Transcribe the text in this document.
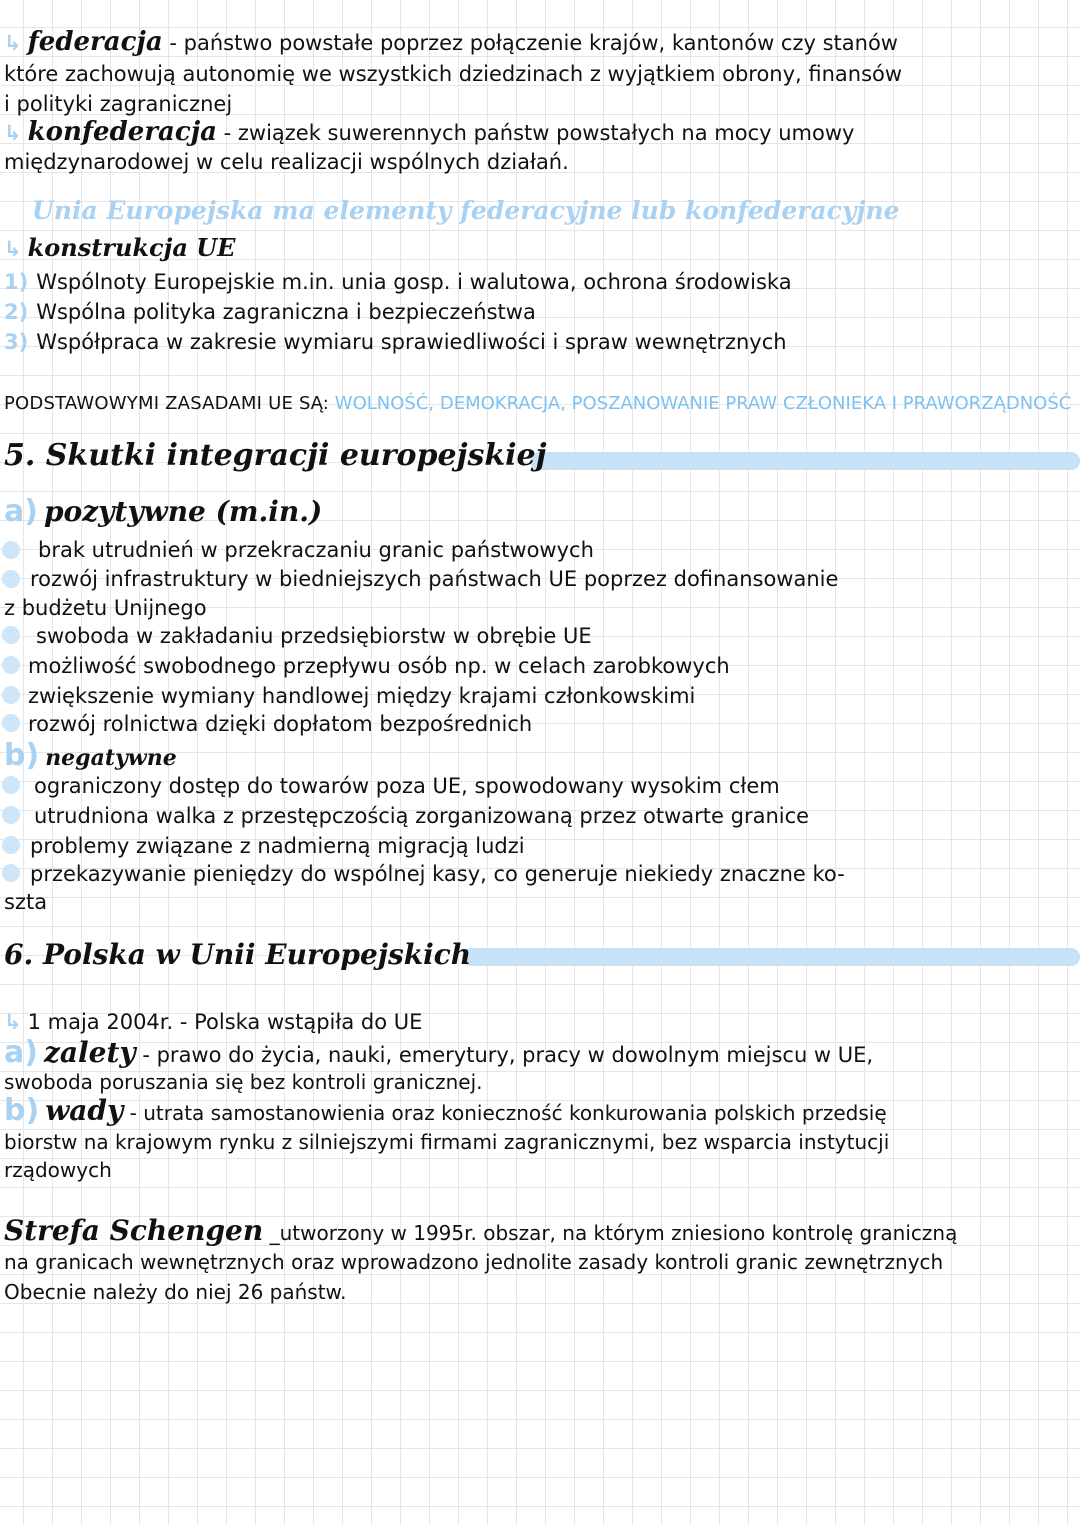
↳ federacja - państwo powstałe poprzez połączenie krajów, kantonów czy stanów
które zachowują autonomię we wszystkich dziedzinach z wyjątkiem obrony, finansów
i polityki zagranicznej
↳ konfederacja - związek suwerennych państw powstałych na mocy umowy
międzynarodowej w celu realizacji wspólnych działań.
Unia Europejska ma elementy federacyjne lub konfederacyjne
↳ konstrukcja UE
1) Wspólnoty Europejskie m.in. unia gosp. i walutowa, ochrona środowiska
2) Wspólna polityka zagraniczna i bezpieczeństwa
3) Współpraca w zakresie wymiaru sprawiedliwości i spraw wewnętrznych
PODSTAWOWYMI ZASADAMI UE SĄ: WOLNOŚĆ, DEMOKRACJA, POSZANOWANIE PRAW CZŁONIEKA I PRAWORZĄDNOŚĆ
5. Skutki integracji europejskiej
a) pozytywne (m.in.)
brak utrudnień w przekraczaniu granic państwowych
rozwój infrastruktury w biedniejszych państwach UE poprzez dofinansowanie
z budżetu Unijnego
swoboda w zakładaniu przedsiębiorstw w obrębie UE
możliwość swobodnego przepływu osób np. w celach zarobkowych
zwiększenie wymiany handlowej między krajami członkowskimi
rozwój rolnictwa dzięki dopłatom bezpośrednich
b) negatywne
ograniczony dostęp do towarów poza UE, spowodowany wysokim cłem
utrudniona walka z przestępczością zorganizowaną przez otwarte granice
problemy związane z nadmierną migracją ludzi
przekazywanie pieniędzy do wspólnej kasy, co generuje niekiedy znaczne ko-
szta
6. Polska w Unii Europejskich
↳ 1 maja 2004r. - Polska wstąpiła do UE
a) zalety - prawo do życia, nauki, emerytury, pracy w dowolnym miejscu w UE,
swoboda poruszania się bez kontroli granicznej.
b) wady - utrata samostanowienia oraz konieczność konkurowania polskich przedsię
biorstw na krajowym rynku z silniejszymi firmami zagranicznymi, bez wsparcia instytucji
rządowych
Strefa Schengen _utworzony w 1995r. obszar, na którym zniesiono kontrolę graniczną
na granicach wewnętrznych oraz wprowadzono jednolite zasady kontroli granic zewnętrznych
Obecnie należy do niej 26 państw.
